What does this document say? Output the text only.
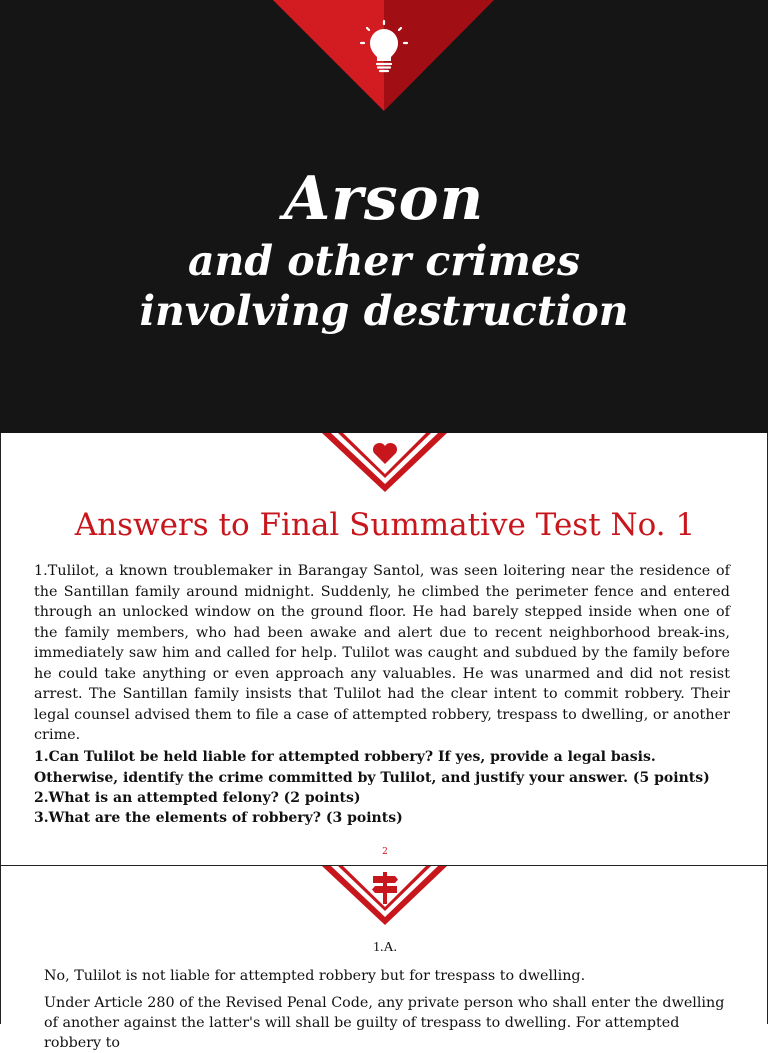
Arson
and other crimes
involving destruction
Answers to Final Summative Test No. 1

1.Tulilot, a known troublemaker in Barangay Santol, was seen loitering near the residence of the Santillan family around midnight. Suddenly, he climbed the perimeter fence and entered through an unlocked window on the ground floor. He had barely stepped inside when one of the family members, who had been awake and alert due to recent neighborhood break-ins, immediately saw him and called for help. Tulilot was caught and subdued by the family before he could take anything or even approach any valuables. He was unarmed and did not resist arrest. The Santillan family insists that Tulilot had the clear intent to commit robbery. Their legal counsel advised them to file a case of attempted robbery, trespass to dwelling, or another crime.

1.Can Tulilot be held liable for attempted robbery? If yes, provide a legal basis. Otherwise, identify the crime committed by Tulilot, and justify your answer. (5 points)

2.What is an attempted felony? (2 points)

3.What are the elements of robbery? (3 points)

2
1.A.

No, Tulilot is not liable for attempted robbery but for trespass to dwelling.

Under Article 280 of the Revised Penal Code, any private person who shall enter the dwelling of another against the latter's will shall be guilty of trespass to dwelling. For attempted robbery to
